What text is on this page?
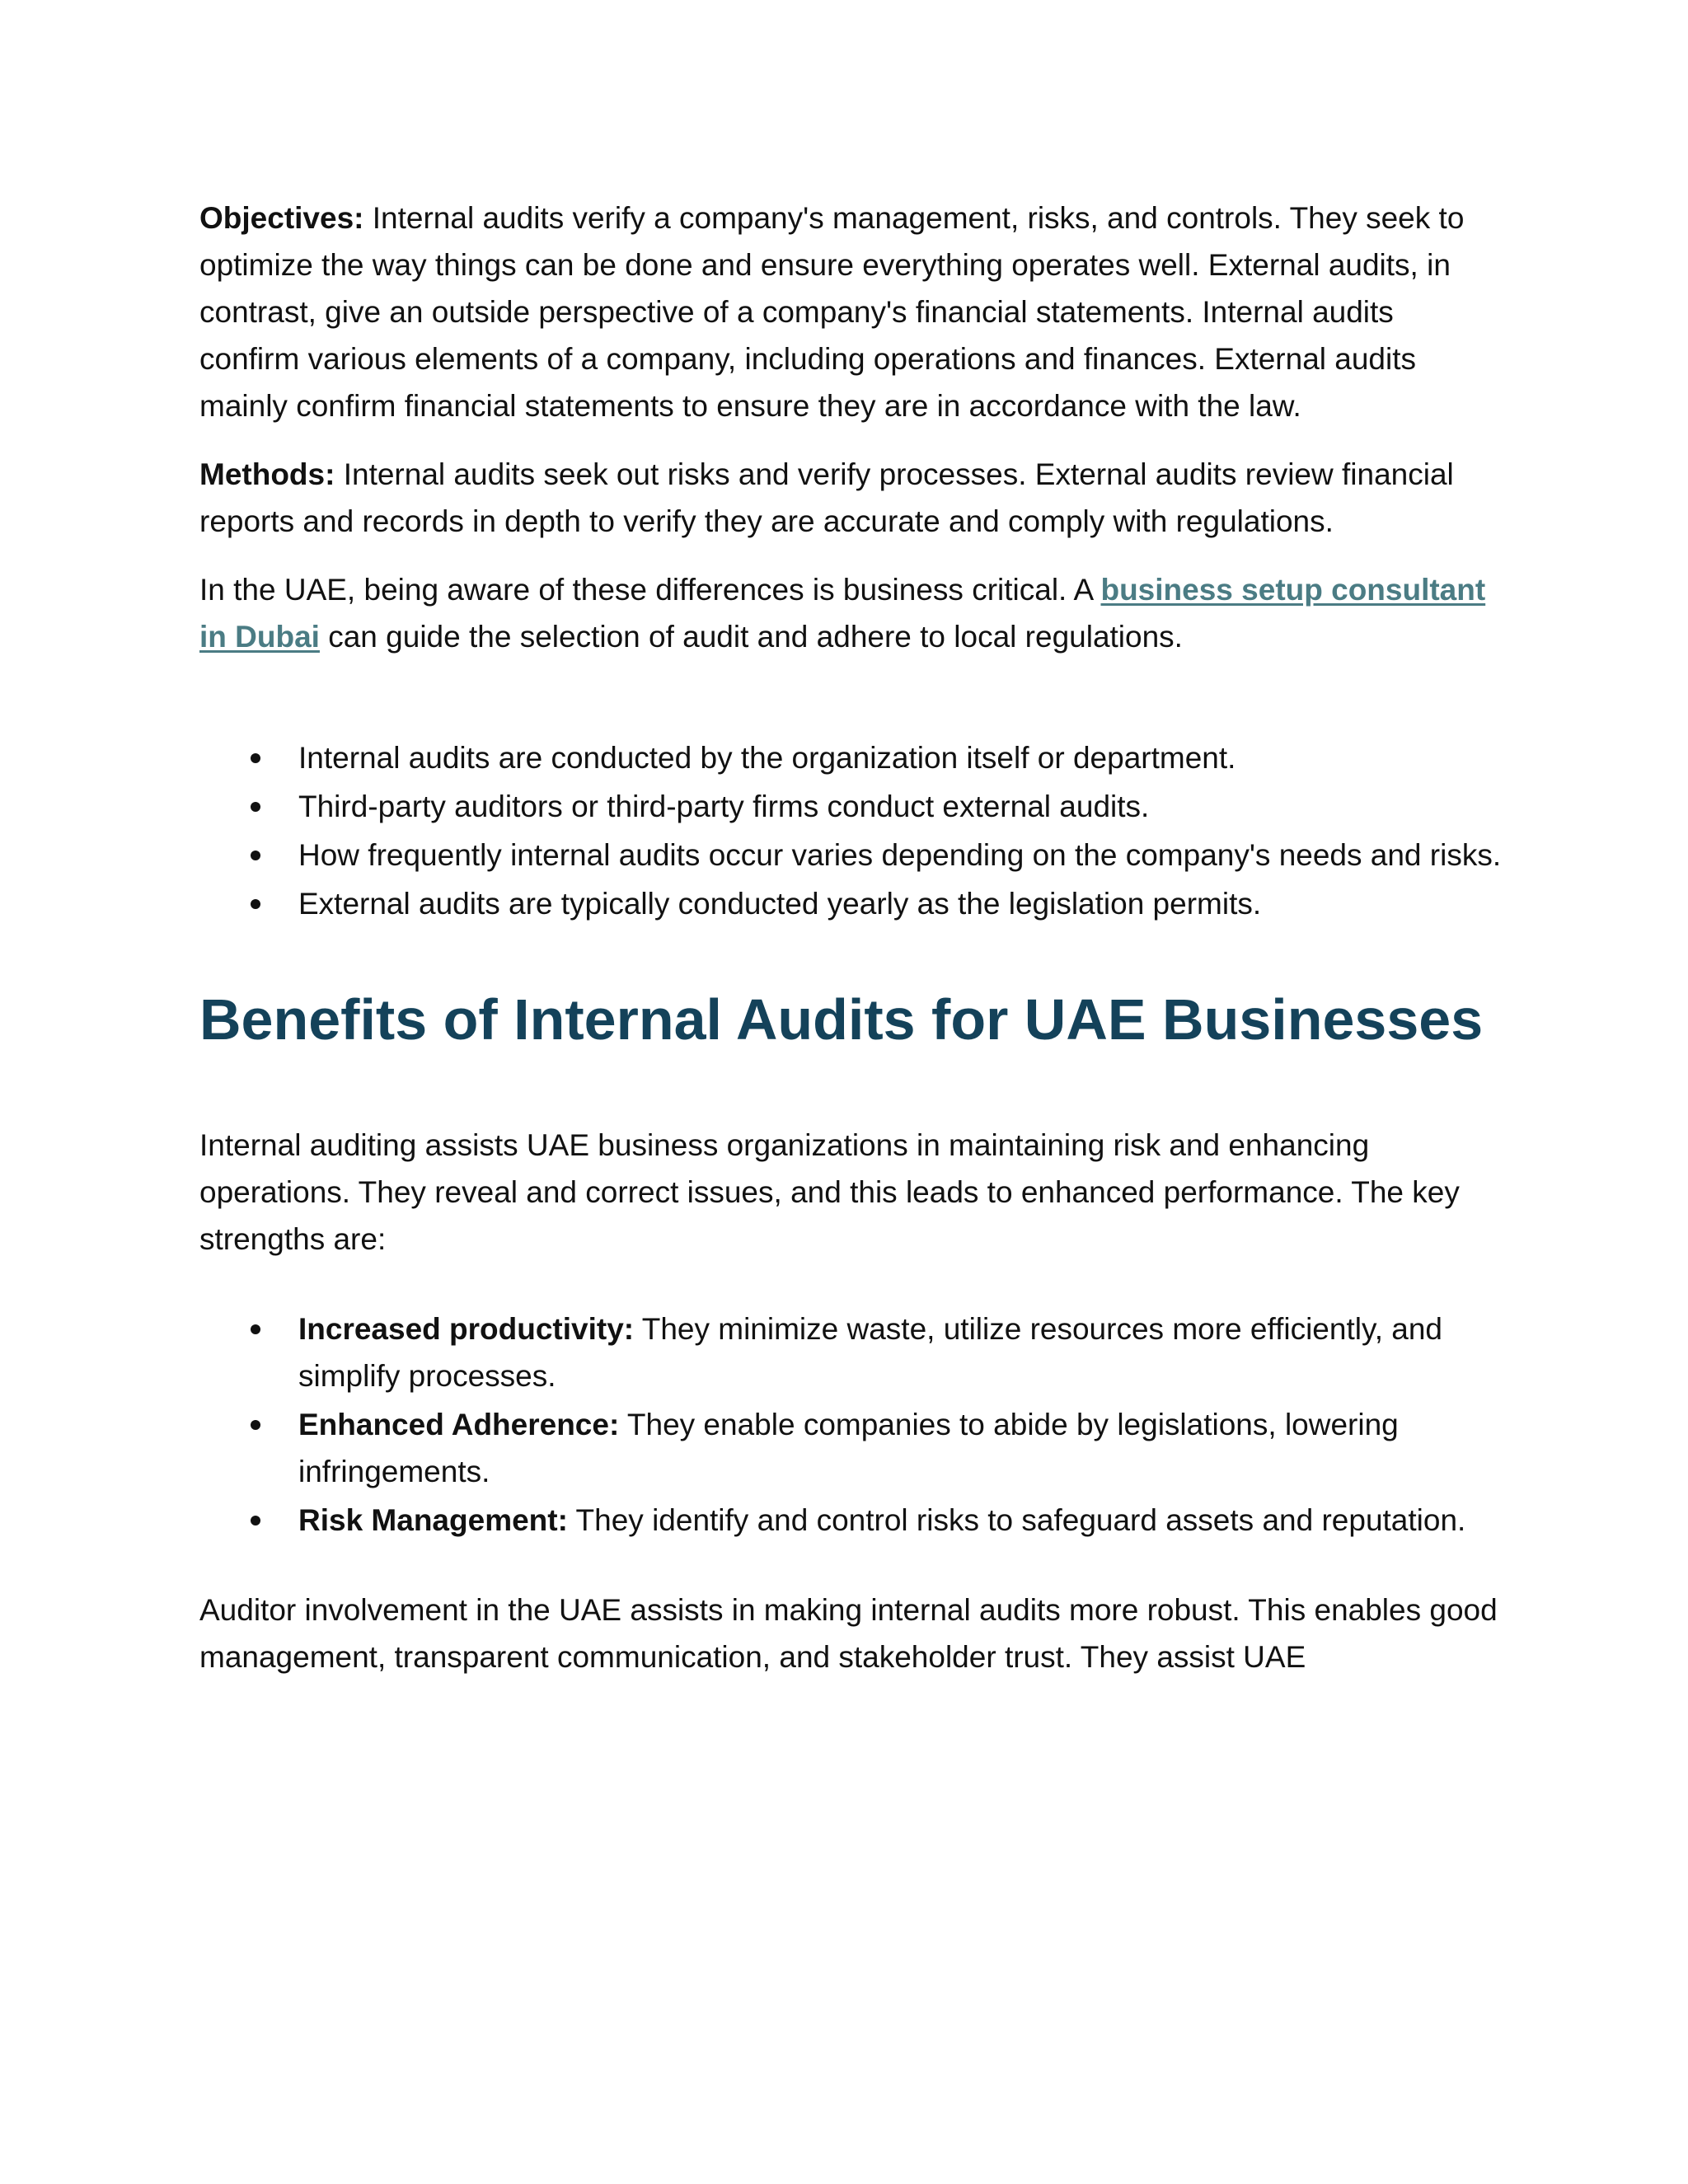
Objectives: Internal audits verify a company's management, risks, and controls. They seek to optimize the way things can be done and ensure everything operates well. External audits, in contrast, give an outside perspective of a company's financial statements. Internal audits confirm various elements of a company, including operations and finances. External audits mainly confirm financial statements to ensure they are in accordance with the law.

Methods: Internal audits seek out risks and verify processes. External audits review financial reports and records in depth to verify they are accurate and comply with regulations.

In the UAE, being aware of these differences is business critical. A business setup consultant in Dubai can guide the selection of audit and adhere to local regulations.

Internal audits are conducted by the organization itself or department.
Third-party auditors or third-party firms conduct external audits.
How frequently internal audits occur varies depending on the company's needs and risks.
External audits are typically conducted yearly as the legislation permits.
Benefits of Internal Audits for UAE Businesses

Internal auditing assists UAE business organizations in maintaining risk and enhancing operations. They reveal and correct issues, and this leads to enhanced performance. The key strengths are:

Increased productivity: They minimize waste, utilize resources more efficiently, and simplify processes.
Enhanced Adherence: They enable companies to abide by legislations, lowering infringements.
Risk Management: They identify and control risks to safeguard assets and reputation.

Auditor involvement in the UAE assists in making internal audits more robust. This enables good management, transparent communication, and stakeholder trust. They assist UAE
